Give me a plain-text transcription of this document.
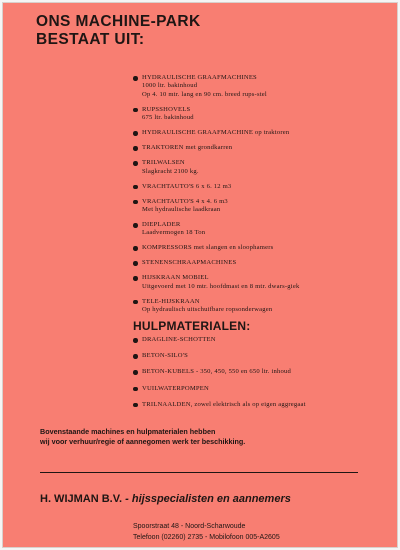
ONS MACHINE-PARK
BESTAAT UIT:
HYDRAULISCHE GRAAFMACHINES
1000 ltr. bakinhoud
Op 4. 10 mtr. lang en 90 cm. breed rups-stel
RUPSSHOVELS
675 ltr. bakinhoud
HYDRAULISCHE GRAAFMACHINE op traktoren
TRAKTOREN met grondkarren
TRILWALSEN
Slagkracht 2100 kg.
VRACHTAUTO'S 6 x 6. 12 m3
VRACHTAUTO'S 4 x 4. 6 m3
Met hydraulische laadkraan
DIEPLADER
Laadvermogen 18 Ton
KOMPRESSORS met slangen en sloophamers
STENENSCHRAAPMACHINES
HIJSKRAAN MOBIEL
Uitgevoerd met 10 mtr. hoofdmast en 8 mtr. dwars-giek
TELE-HIJSKRAAN
Op hydraulisch uitschuifbare ropsonderwagen
HULPMATERIALEN:
DRAGLINE-SCHOTTEN
BETON-SILO'S
BETON-KUBELS - 350, 450, 550 en 650 ltr. inhoud
VUILWATERPOMPEN
TRILNAALDEN, zowel elektrisch als op eigen aggregaat
Bovenstaande machines en hulpmaterialen hebben
wij voor verhuur/regie of aannegomen werk ter beschikking.
H. WIJMAN B.V. - hijsspecialisten en aannemers
Spoorstraat 48 - Noord-Scharwoude
Telefoon (02260) 2735 - Mobilofoon 005-A2605
